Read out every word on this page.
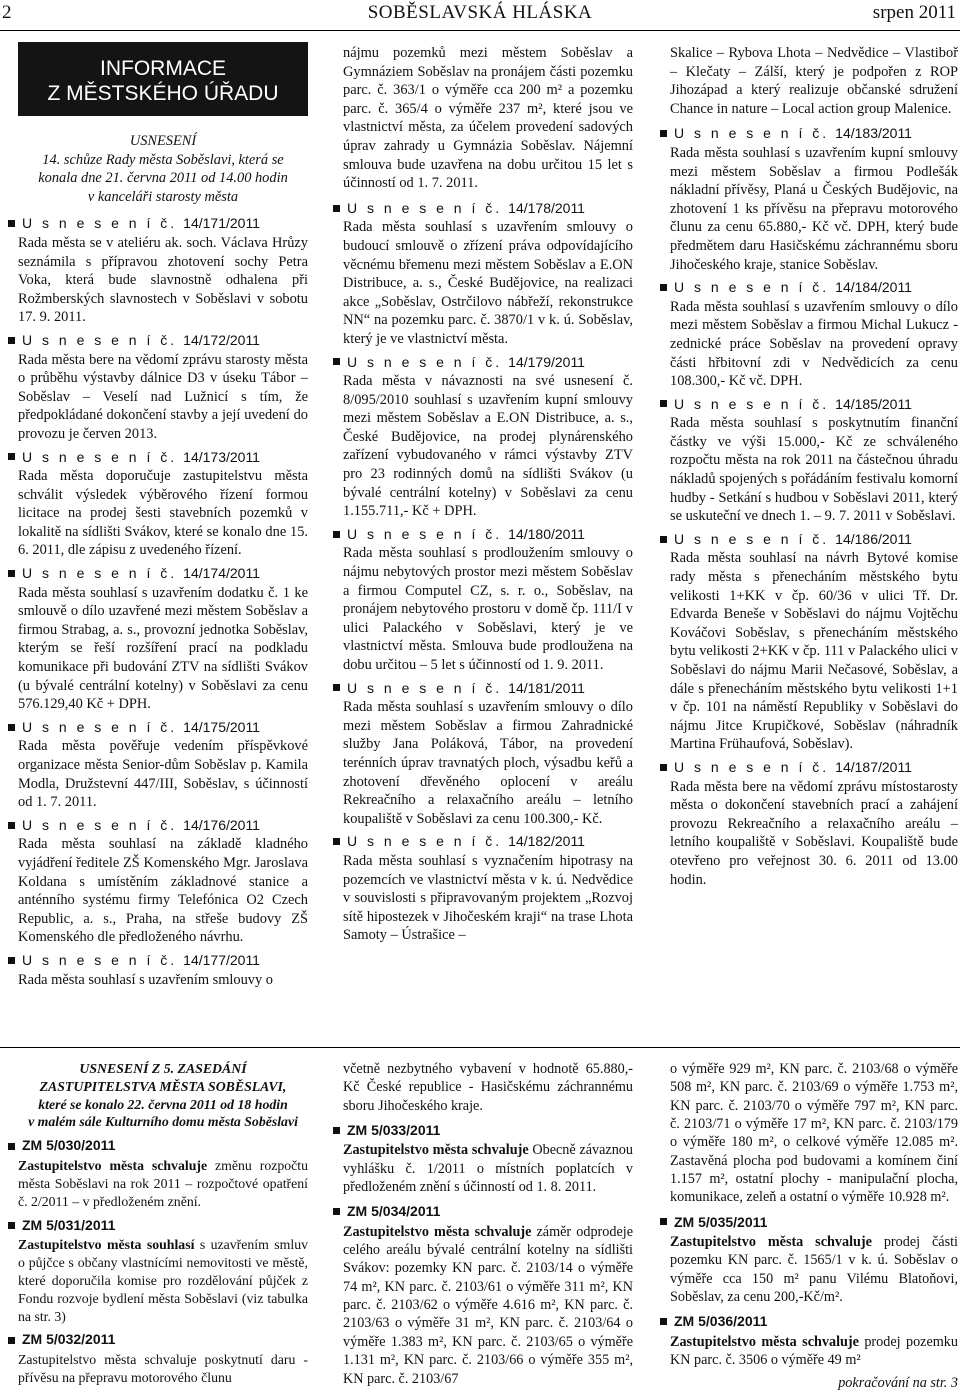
2	SOBĚSLAVSKÁ HLÁSKA	srpen 2011
INFORMACE
Z MĚSTSKÉHO ÚŘADU
USNESENÍ
14. schůze Rady města Soběslavi, která se
konala dne 21. června 2011 od 14.00 hodin
v kanceláři starosty města
U s n e s e n í č. 14/171/2011

Rada města se v ateliéru ak. soch. Václava Hrůzy seznámila s přípravou zhotovení sochy Petra Voka, která bude slavnostně odhalena při Rožmberských slavnostech v Soběslavi v sobotu 17. 9. 2011.

U s n e s e n í č. 14/172/2011

Rada města bere na vědomí zprávu starosty města o průběhu výstavby dálnice D3 v úseku Tábor – Soběslav – Veselí nad Lužnicí s tím, že předpokládané dokončení stavby a její uvedení do provozu je červen 2013.

U s n e s e n í č. 14/173/2011

Rada města doporučuje zastupitelstvu města schválit výsledek výběrového řízení formou licitace na prodej šesti stavebních pozemků v lokalitě na sídlišti Svákov, které se konalo dne 15. 6. 2011, dle zápisu z uvedeného řízení.

U s n e s e n í č. 14/174/2011

Rada města souhlasí s uzavřením dodatku č. 1 ke smlouvě o dílo uzavřené mezi městem Soběslav a firmou Strabag, a. s., provozní jednotka Soběslav, kterým se řeší rozšíření prací na podkladu komunikace při budování ZTV na sídlišti Svákov (u bývalé centrální kotelny) v Soběslavi za cenu 576.129,40 Kč + DPH.

U s n e s e n í č. 14/175/2011

Rada města pověřuje vedením příspěvkové organizace města Senior-dům Soběslav p. Kamila Modla, Družstevní 447/III, Soběslav, s účinností od 1. 7. 2011.

U s n e s e n í č. 14/176/2011

Rada města souhlasí na základě kladného vyjádření ředitele ZŠ Komenského Mgr. Jaroslava Koldana s umístěním základnové stanice a anténního systému firmy Telefónica O2 Czech Republic, a. s., Praha, na střeše budovy ZŠ Komenského dle předloženého návrhu.

U s n e s e n í č. 14/177/2011

Rada města souhlasí s uzavřením smlouvy o

nájmu pozemků mezi městem Soběslav a Gymnáziem Soběslav na pronájem části pozemku parc. č. 363/1 o výměře cca 200 m² a pozemku parc. č. 365/4 o výměře 237 m², které jsou ve vlastnictví města, za účelem provedení sadových úprav zahrady u Gymnázia Soběslav. Nájemní smlouva bude uzavřena na dobu určitou 15 let s účinností od 1. 7. 2011.

U s n e s e n í č. 14/178/2011

Rada města souhlasí s uzavřením smlouvy o budoucí smlouvě o zřízení práva odpovídajícího věcnému břemenu mezi městem Soběslav a E.ON Distribuce, a. s., České Budějovice, na realizaci akce „Soběslav, Ostrčilovo nábřeží, rekonstrukce NN“ na pozemku parc. č. 3870/1 v k. ú. Soběslav, který je ve vlastnictví města.

U s n e s e n í č. 14/179/2011

Rada města v návaznosti na své usnesení č. 8/095/2010 souhlasí s uzavřením kupní smlouvy mezi městem Soběslav a E.ON Distribuce, a. s., České Budějovice, na prodej plynárenského zařízení vybudovaného v rámci výstavby ZTV pro 23 rodinných domů na sídlišti Svákov (u bývalé centrální kotelny) v Soběslavi za cenu 1.155.711,- Kč + DPH.

U s n e s e n í č. 14/180/2011

Rada města souhlasí s prodloužením smlouvy o nájmu nebytových prostor mezi městem Soběslav a firmou Computel CZ, s. r. o., Soběslav, na pronájem nebytového prostoru v domě čp. 111/I v ulici Palackého v Soběslavi, který je ve vlastnictví města. Smlouva bude prodloužena na dobu určitou – 5 let s účinností od 1. 9. 2011.

U s n e s e n í č. 14/181/2011

Rada města souhlasí s uzavřením smlouvy o dílo mezi městem Soběslav a firmou Zahradnické služby Jana Poláková, Tábor, na provedení terénních úprav travnatých ploch, výsadbu keřů a zhotovení dřevěného oplocení v areálu Rekreačního a relaxačního areálu – letního koupaliště v Soběslavi za cenu 100.300,- Kč.

U s n e s e n í č. 14/182/2011

Rada města souhlasí s vyznačením hipotrasy na pozemcích ve vlastnictví města v k. ú. Nedvědice v souvislosti s připravovaným projektem „Rozvoj sítě hipostezek v Jihočeském kraji“ na trase Lhota Samoty – Ústrašice –

Skalice – Rybova Lhota – Nedvědice – Vlastiboř – Klečaty – Zálší, který je podpořen z ROP Jihozápad a který realizuje občanské sdružení Chance in nature – Local action group Malenice.

U s n e s e n í č. 14/183/2011

Rada města souhlasí s uzavřením kupní smlouvy mezi městem Soběslav a firmou Podlešák nákladní přívěsy, Planá u Českých Budějovic, na zhotovení 1 ks přívěsu na přepravu motorového člunu za cenu 65.880,- Kč vč. DPH, který bude předmětem daru Hasičskému záchrannému sboru Jihočeského kraje, stanice Soběslav.

U s n e s e n í č. 14/184/2011

Rada města souhlasí s uzavřením smlouvy o dílo mezi městem Soběslav a firmou Michal Lukucz - zednické práce Soběslav na provedení opravy části hřbitovní zdi v Nedvědicích za cenu 108.300,- Kč vč. DPH.

U s n e s e n í č. 14/185/2011

Rada města souhlasí s poskytnutím finanční částky ve výši 15.000,- Kč ze schváleného rozpočtu města na rok 2011 na částečnou úhradu nákladů spojených s pořádáním festivalu komorní hudby - Setkání s hudbou v Soběslavi 2011, který se uskuteční ve dnech 1. – 9. 7. 2011 v Soběslavi.

U s n e s e n í č. 14/186/2011

Rada města souhlasí na návrh Bytové komise rady města s přenecháním městského bytu velikosti 1+KK v čp. 60/36 v ulici Tř. Dr. Edvarda Beneše v Soběslavi do nájmu Vojtěchu Kováčovi Soběslav, s přenecháním městského bytu velikosti 2+KK v čp. 111 v Palackého ulici v Soběslavi do nájmu Marii Nečasové, Soběslav, a dále s přenecháním městského bytu velikosti 1+1 v čp. 101 na náměstí Republiky v Soběslavi do nájmu Jitce Krupičkové, Soběslav (náhradník Martina Frühaufová, Soběslav).

U s n e s e n í č. 14/187/2011

Rada města bere na vědomí zprávu místostarosty města o dokončení stavebních prací a zahájení provozu Rekreačního a relaxačního areálu – letního koupaliště v Soběslavi. Koupaliště bude otevřeno pro veřejnost 30. 6. 2011 od 13.00 hodin.

USNESENÍ Z 5. ZASEDÁNÍ
ZASTUPITELSTVA MĚSTA SOBĚSLAVI,
které se konalo 22. června 2011 od 18 hodin
v malém sále Kulturního domu města Soběslavi
ZM 5/030/2011

Zastupitelstvo města schvaluje změnu rozpočtu města Soběslavi na rok 2011 – rozpočtové opatření č. 2/2011 – v předloženém znění.

ZM 5/031/2011

Zastupitelstvo města souhlasí s uzavřením smluv o půjčce s občany vlastnícími nemovitosti ve městě, které doporučila komise pro rozdělování půjček z Fondu rozvoje bydlení města Soběslavi (viz tabulka na str. 3)

ZM 5/032/2011

Zastupitelstvo města schvaluje poskytnutí daru - přívěsu na přepravu motorového člunu

včetně nezbytného vybavení v hodnotě 65.880,- Kč České republice - Hasičskému záchrannému sboru Jihočeského kraje.

ZM 5/033/2011

Zastupitelstvo města schvaluje Obecně závaznou vyhlášku č. 1/2011 o místních poplatcích v předloženém znění s účinností od 1. 8. 2011.

ZM 5/034/2011

Zastupitelstvo města schvaluje záměr odprodeje celého areálu bývalé centrální kotelny na sídlišti Svákov: pozemky KN parc. č. 2103/14 o výměře 74 m², KN parc. č. 2103/61 o výměře 311 m², KN parc. č. 2103/62 o výměře 4.616 m², KN parc. č. 2103/63 o výměře 31 m², KN parc. č. 2103/64 o výměře 1.383 m², KN parc. č. 2103/65 o výměře 1.131 m², KN parc. č. 2103/66 o výměře 355 m², KN parc. č. 2103/67

o výměře 929 m², KN parc. č. 2103/68 o výměře 508 m², KN parc. č. 2103/69 o výměře 1.753 m², KN parc. č. 2103/70 o výměře 797 m², KN parc. č. 2103/71 o výměře 17 m², KN parc. č. 2103/179 o výměře 180 m², o celkové výměře 12.085 m². Zastavěná plocha pod budovami a komínem činí 1.157 m², ostatní plochy - manipulační plocha, komunikace, zeleň a ostatní o výměře 10.928 m².

ZM 5/035/2011

Zastupitelstvo města schvaluje prodej části pozemku KN parc. č. 1565/1 v k. ú. Soběslav o výměře cca 150 m² panu Vilému Blatoňovi, Soběslav, za cenu 200,-Kč/m².

ZM 5/036/2011

Zastupitelstvo města schvaluje prodej pozemku KN parc. č. 3506 o výměře 49 m²

pokračování na str. 3
